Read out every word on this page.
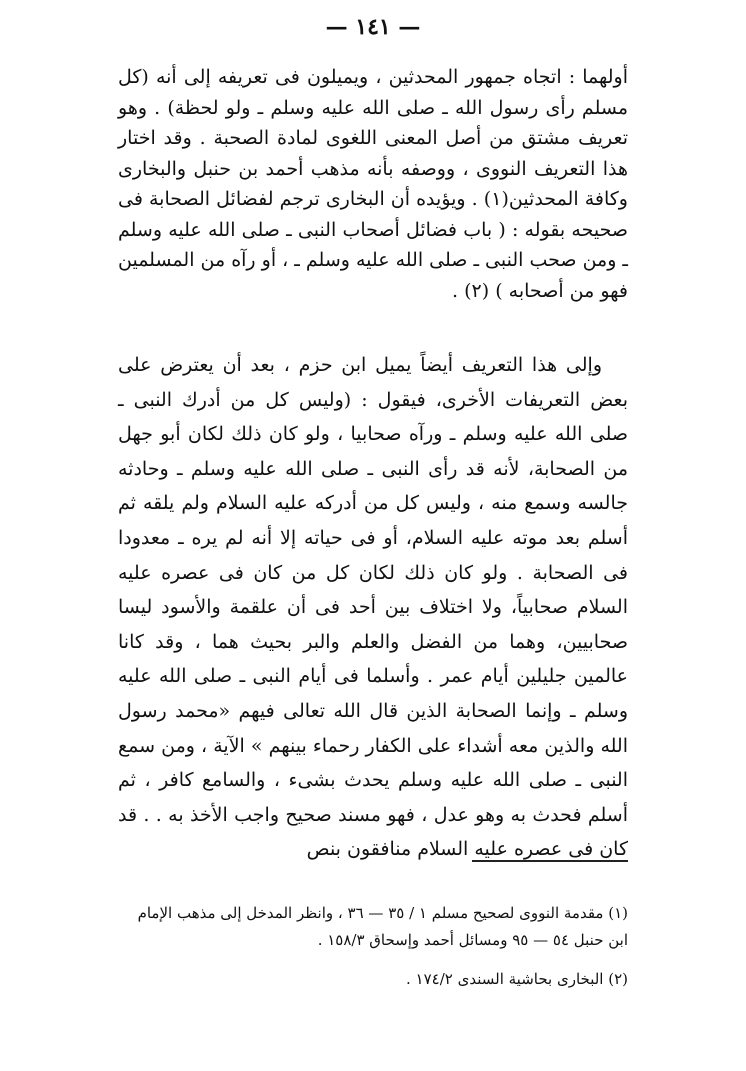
— ١٤١ —

أولهما : اتجاه جمهور المحدثين ، ويميلون فى تعريفه إلى أنه (كل مسلم رأى رسول الله ـ صلى الله عليه وسلم ـ ولو لحظة) . وهو تعريف مشتق من أصل المعنى اللغوى لمادة الصحبة . وقد اختار هذا التعريف النووى ، ووصفه بأنه مذهب أحمد بن حنبل والبخارى وكافة المحدثين(١) . ويؤيده أن البخارى ترجم لفضائل الصحابة فى صحيحه بقوله : ( باب فضائل أصحاب النبى ـ صلى الله عليه وسلم ـ ومن صحب النبى ـ صلى الله عليه وسلم ـ ، أو رآه من المسلمين فهو من أصحابه ) (٢) .

وإلى هذا التعريف أيضاً يميل ابن حزم ، بعد أن يعترض على بعض التعريفات الأخرى، فيقول : (وليس كل من أدرك النبى ـ صلى الله عليه وسلم ـ ورآه صحابيا ، ولو كان ذلك لكان أبو جهل من الصحابة، لأنه قد رأى النبى ـ صلى الله عليه وسلم ـ وحادثه جالسه وسمع منه ، وليس كل من أدركه عليه السلام ولم يلقه ثم أسلم بعد موته عليه السلام، أو فى حياته إلا أنه لم يره ـ معدودا فى الصحابة . ولو كان ذلك لكان كل من كان فى عصره عليه السلام صحابياً، ولا اختلاف بين أحد فى أن علقمة والأسود ليسا صحابيين، وهما من الفضل والعلم والبر بحيث هما ، وقد كانا عالمين جليلين أيام عمر . وأسلما فى أيام النبى ـ صلى الله عليه وسلم ـ وإنما الصحابة الذين قال الله تعالى فيهم «محمد رسول الله والذين معه أشداء على الكفار رحماء بينهم » الآية ، ومن سمع النبى ـ صلى الله عليه وسلم يحدث بشىء ، والسامع كافر ، ثم أسلم فحدث به وهو عدل ، فهو مسند صحيح واجب الأخذ به . . قد كان فى عصره عليه السلام منافقون بنص

(١) مقدمة النووى لصحيح مسلم ١ / ٣٥ — ٣٦ ، وانظر المدخل إلى مذهب الإمام ابن حنبل ٥٤ — ٩٥ ومسائل أحمد وإسحاق ١٥٨/٣ .

(٢) البخارى بحاشية السندى ١٧٤/٢ .
